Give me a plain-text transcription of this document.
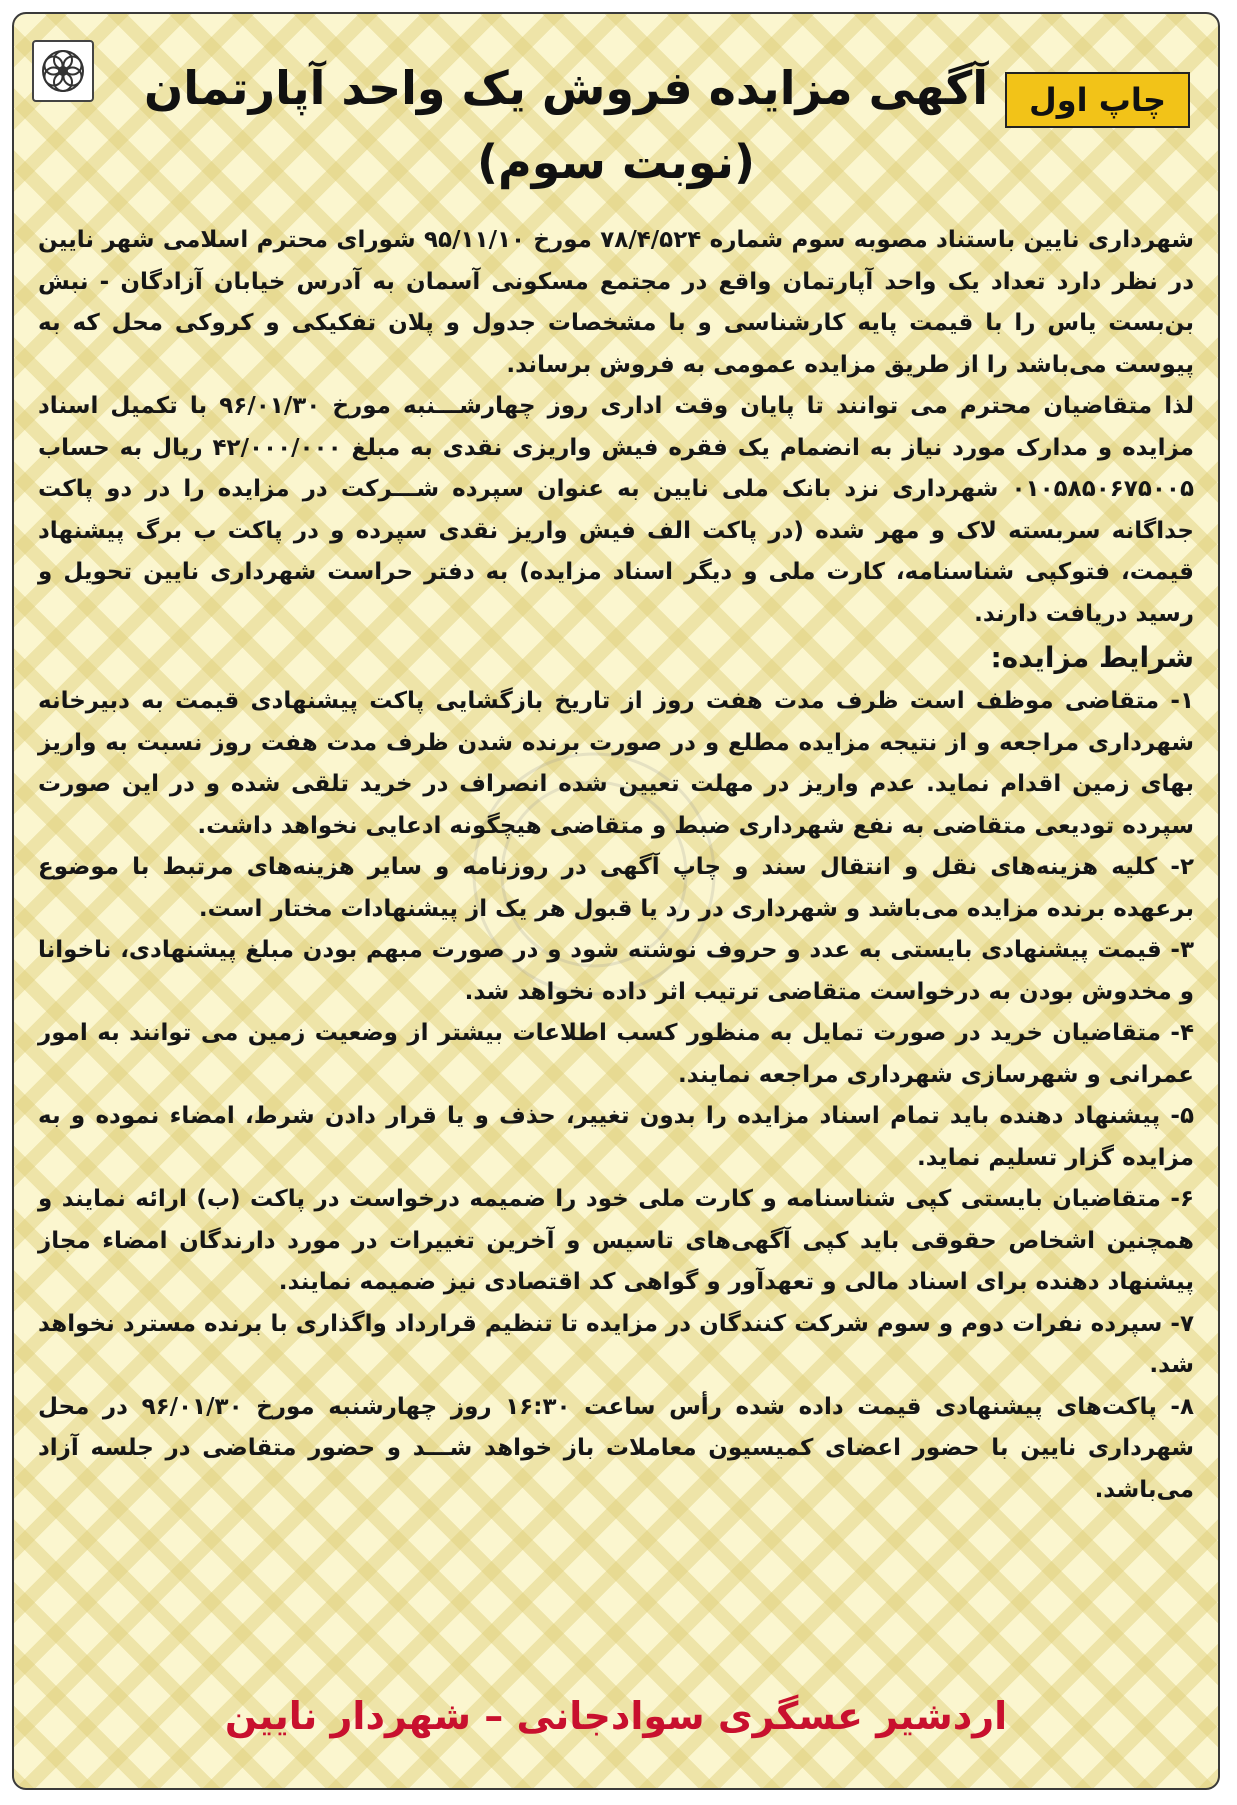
چاپ اول
آگهی مزایده فروش یک واحد آپارتمان
(نوبت سوم)

شهرداری نایین باستناد مصوبه سوم شماره ۷۸/۴/۵۲۴ مورخ ۹۵/۱۱/۱۰ شورای محترم اسلامی شهر نایین در نظر دارد تعداد یک واحد آپارتمان واقع در مجتمع مسکونی آسمان به آدرس خیابان آزادگان - نبش بن‌بست یاس را با قیمت پایه کارشناسی و با مشخصات جدول و پلان تفکیکی و کروکی محل که به پیوست می‌باشد را از طریق مزایده عمومی به فروش برساند.

لذا متقاضیان محترم می توانند تا پایان وقت اداری روز چهارشـــنبه مورخ ۹۶/۰۱/۳۰ با تکمیل اسناد مزایده و مدارک مورد نیاز به انضمام یک فقره فیش واریزی نقدی به مبلغ ۴۲/۰۰۰/۰۰۰ ریال به حساب ۰۱۰۵۸۵۰۶۷۵۰۰۵ شهرداری نزد بانک ملی نایین به عنوان سپرده شـــرکت در مزایده را در دو پاکت جداگانه سربسته لاک و مهر شده (در پاکت الف فیش واریز نقدی سپرده و در پاکت ب برگ پیشنهاد قیمت، فتوکپی شناسنامه، کارت ملی و دیگر اسناد مزایده) به دفتر حراست شهرداری نایین تحویل و رسید دریافت دارند.

شرایط مزایده:

۱- متقاضی موظف است ظرف مدت هفت روز از تاریخ بازگشایی پاکت پیشنهادی قیمت به دبیرخانه شهرداری مراجعه و از نتیجه مزایده مطلع و در صورت برنده شدن ظرف مدت هفت روز نسبت به واریز بهای زمین اقدام نماید. عدم واریز در مهلت تعیین شده انصراف در خرید تلقی شده و در این صورت سپرده تودیعی متقاضی به نفع شهرداری ضبط و متقاضی هیچگونه ادعایی نخواهد داشت.

۲- کلیه هزینه‌های نقل و انتقال سند و چاپ آگهی در روزنامه و سایر هزینه‌های مرتبط با موضوع برعهده برنده مزایده می‌باشد و شهرداری در رد یا قبول هر یک از پیشنهادات مختار است.

۳- قیمت پیشنهادی بایستی به عدد و حروف نوشته شود و در صورت مبهم بودن مبلغ پیشنهادی، ناخوانا و مخدوش بودن به درخواست متقاضی ترتیب اثر داده نخواهد شد.

۴- متقاضیان خرید در صورت تمایل به منظور کسب اطلاعات بیشتر از وضعیت زمین می توانند به امور عمرانی و شهرسازی شهرداری مراجعه نمایند.

۵- پیشنهاد دهنده باید تمام اسناد مزایده را بدون تغییر، حذف و یا قرار دادن شرط، امضاء نموده و به مزایده گزار تسلیم نماید.

۶- متقاضیان بایستی کپی شناسنامه و کارت ملی خود را ضمیمه درخواست در پاکت (ب) ارائه نمایند و همچنین اشخاص حقوقی باید کپی آگهی‌های تاسیس و آخرین تغییرات در مورد دارندگان امضاء مجاز پیشنهاد دهنده برای اسناد مالی و تعهدآور و گواهی کد اقتصادی نیز ضمیمه نمایند.

۷- سپرده نفرات دوم و سوم شرکت کنندگان در مزایده تا تنظیم قرارداد واگذاری با برنده مسترد نخواهد شد.

۸- پاکت‌های پیشنهادی قیمت داده شده رأس ساعت ۱۶:۳۰ روز چهارشنبه مورخ ۹۶/۰۱/۳۰ در محل شهرداری نایین با حضور اعضای کمیسیون معاملات باز خواهد شـــد و حضور متقاضی در جلسه آزاد می‌باشد.

اردشیر عسگری سوادجانی – شهردار نایین
